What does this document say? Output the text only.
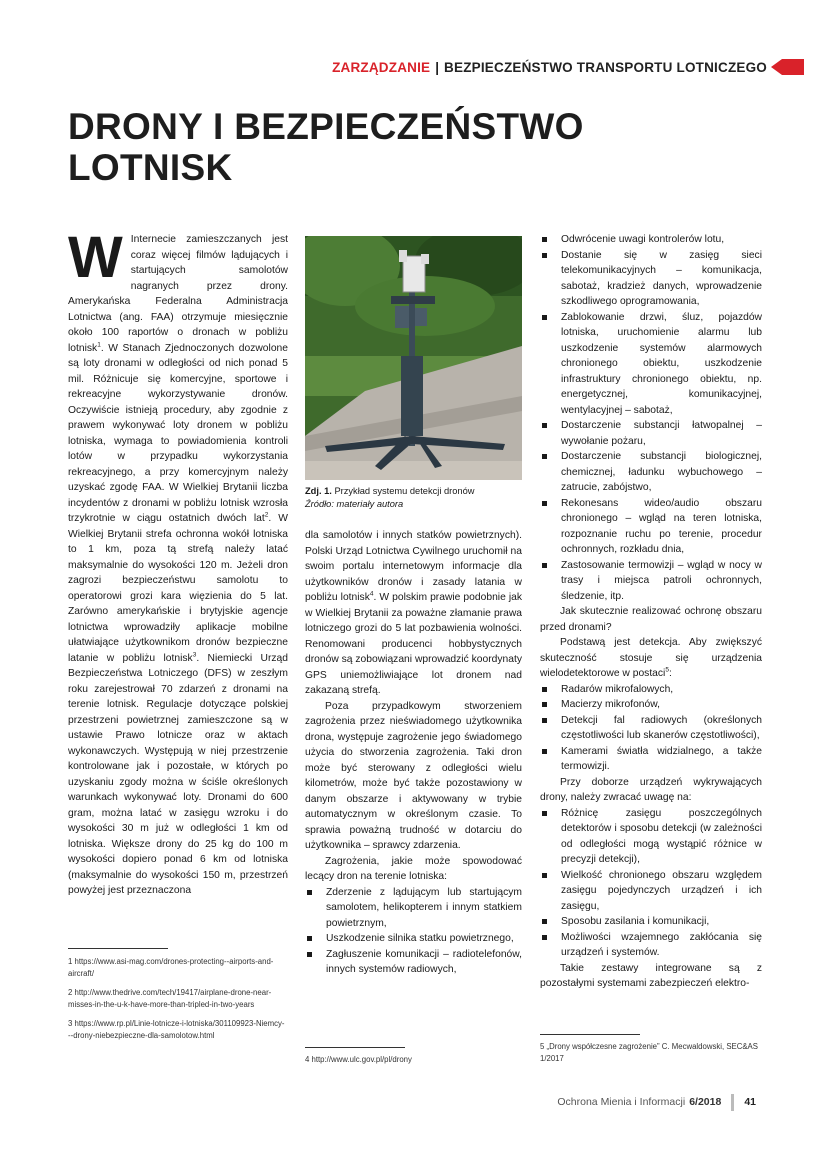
ZARZĄDZANIE | BEZPIECZEŃSTWO TRANSPORTU LOTNICZEGO
DRONY I BEZPIECZEŃSTWO LOTNISK

W Internecie zamieszczanych jest coraz więcej filmów lądujących i startujących samolotów nagranych przez drony. Amerykańska Federalna Administracja Lotnictwa (ang. FAA) otrzymuje miesięcznie około 100 raportów o dronach w pobliżu lotnisk$^1$. W Stanach Zjednoczonych dozwolone są loty dronami w odległości od nich ponad 5 mil. Różnicuje się komercyjne, sportowe i rekreacyjne wykorzystywanie dronów. Oczywiście istnieją procedury, aby zgodnie z prawem wykonywać loty dronem w pobliżu lotniska, wymaga to powiadomienia kontroli lotów w przypadku wykorzystania rekreacyjnego, a przy komercyjnym należy uzyskać zgodę FAA. W Wielkiej Brytanii liczba incydentów z dronami w pobliżu lotnisk wzrosła trzykrotnie w ciągu ostatnich dwóch lat$^2$. W Wielkiej Brytanii strefa ochronna wokół lotniska to 1 km, poza tą strefą należy latać maksymalnie do wysokości 120 m. Jeżeli dron zagrozi bezpieczeństwu samolotu to operatorowi grozi kara więzienia do 5 lat. Zarówno amerykańskie i brytyjskie agencje lotnictwa wprowadziły aplikacje mobilne ułatwiające użytkownikom dronów bezpieczne latanie w pobliżu lotnisk$^3$. Niemiecki Urząd Bezpieczeństwa Lotniczego (DFS) w zeszłym roku zarejestrował 70 zdarzeń z dronami na terenie lotnisk. Regulacje dotyczące polskiej przestrzeni powietrznej zamieszczone są w ustawie Prawo lotnicze oraz w aktach wykonawczych. Występują w niej przestrzenie kontrolowane jak i pozostałe, w których po uzyskaniu zgody można w ściśle określonych warunkach wykonywać loty. Dronami do 600 gram, można latać w zasięgu wzroku i do wysokości 30 m już w odległości 1 km od lotniska. Większe drony do 25 kg do 100 m wysokości dopiero ponad 6 km od lotniska (maksymalnie do wysokości 150 m, przestrzeń powyżej jest przeznaczona

Zdj. 1. Przykład systemu detekcji dronów
Źródło: materiały autora

dla samolotów i innych statków powietrznych). Polski Urząd Lotnictwa Cywilnego uruchomił na swoim portalu internetowym informacje dla użytkowników dronów i zasady latania w pobliżu lotnisk$^4$. W polskim prawie podobnie jak w Wielkiej Brytanii za poważne złamanie prawa lotniczego grozi do 5 lat pozbawienia wolności. Renomowani producenci hobbystycznych dronów są zobowiązani wprowadzić koordynaty GPS uniemożliwiające lot dronem nad zakazaną strefą.

Poza przypadkowym stworzeniem zagrożenia przez nieświadomego użytkownika drona, występuje zagrożenie jego świadomego użycia do stworzenia zagrożenia. Taki dron może być sterowany z odległości wielu kilometrów, może być także pozostawiony w danym obszarze i aktywowany w trybie automatycznym w określonym czasie. To sprawia poważną trudność w dotarciu do użytkownika – sprawcy zdarzenia.

Zagrożenia, jakie może spowodować lecący dron na terenie lotniska:

Zderzenie z lądującym lub startującym samolotem, helikopterem i innym statkiem powietrznym,
Uszkodzenie silnika statku powietrznego,
Zagłuszenie komunikacji – radiotelefonów, innych systemów radiowych,
Odwrócenie uwagi kontrolerów lotu,
Dostanie się w zasięg sieci telekomunikacyjnych – komunikacja, sabotaż, kradzież danych, wprowadzenie szkodliwego oprogramowania,
Zablokowanie drzwi, śluz, pojazdów lotniska, uruchomienie alarmu lub uszkodzenie systemów alarmowych chronionego obiektu, uszkodzenie infrastruktury chronionego obiektu, np. energetycznej, komunikacyjnej, wentylacyjnej – sabotaż,
Dostarczenie substancji łatwopalnej – wywołanie pożaru,
Dostarczenie substancji biologicznej, chemicznej, ładunku wybuchowego – zatrucie, zabójstwo,
Rekonesans wideo/audio obszaru chronionego – wgląd na teren lotniska, rozpoznanie ruchu po terenie, procedur ochronnych, rozkładu dnia,
Zastosowanie termowizji – wgląd w nocy w trasy i miejsca patroli ochronnych, śledzenie, itp.

Jak skutecznie realizować ochronę obszaru przed dronami?

Podstawą jest detekcja. Aby zwiększyć skuteczność stosuje się urządzenia wielodetektorowe w postaci$^5$:

Radarów mikrofalowych,
Macierzy mikrofonów,
Detekcji fal radiowych (określonych częstotliwości lub skanerów częstotliwości),
Kamerami światła widzialnego, a także termowizji.

Przy doborze urządzeń wykrywających drony, należy zwracać uwagę na:

Różnicę zasięgu poszczególnych detektorów i sposobu detekcji (w zależności od odległości mogą wystąpić różnice w precyzji detekcji),
Wielkość chronionego obszaru względem zasięgu pojedynczych urządzeń i ich zasięgu,
Sposobu zasilania i komunikacji,
Możliwości wzajemnego zakłócania się urządzeń i systemów.

Takie zestawy integrowane są z pozostałymi systemami zabezpieczeń elektro-

1 https://www.asi-mag.com/drones-protecting--airports-and-aircraft/

2 http://www.thedrive.com/tech/19417/airplane-drone-near-misses-in-the-u-k-have-more-than-tripled-in-two-years

3 https://www.rp.pl/Linie-lotnicze-i-lotniska/301109923-Niemcy---drony-niebezpieczne-dla-samolotow.html

4 http://www.ulc.gov.pl/pl/drony

5 „Drony współczesne zagrożenie” C. Mecwaldowski, SEC&AS 1/2017

Ochrona Mienia i Informacji 6/2018 41
